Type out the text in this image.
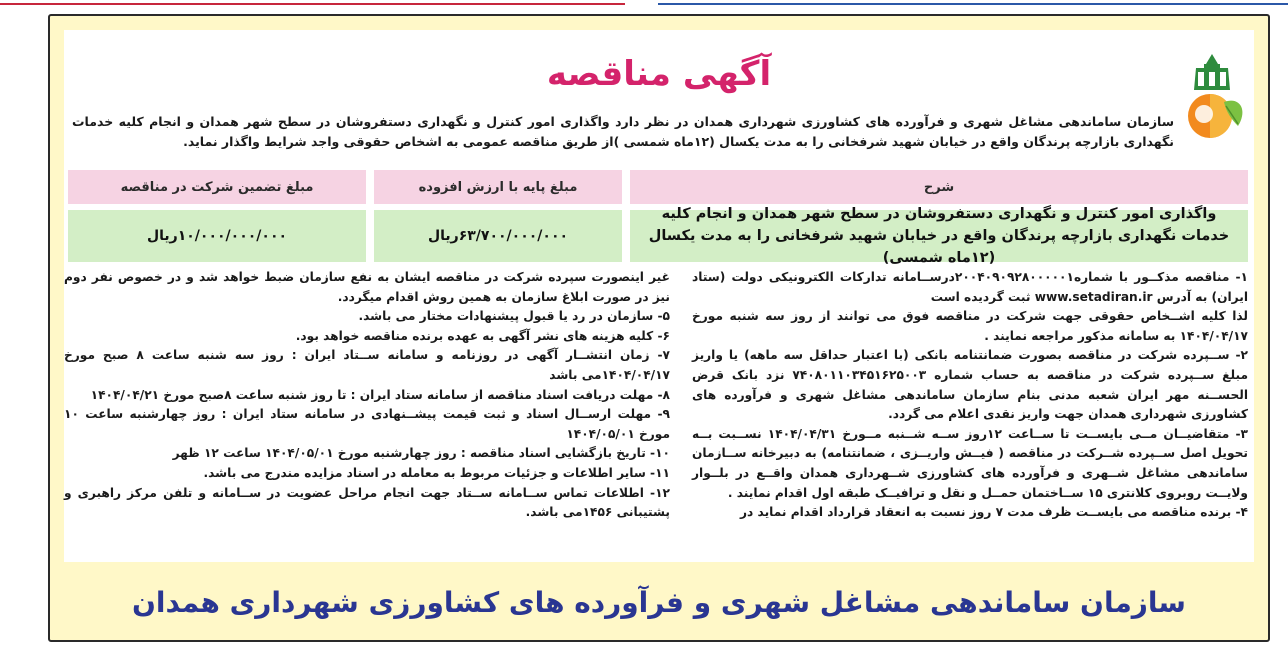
آگهی مناقصه

سازمان ساماندهی مشاغل شهری و فرآورده های کشاورزی شهرداری همدان در نظر دارد واگذاری امور کنترل و نگهداری دستفروشان در سطح شهر همدان و انجام کلیه خدمات نگهداری بازارچه پرندگان واقع در خیابان شهید شرفخانی را به مدت یکسال (۱۲ماه شمسی )از طریق مناقصه عمومی به اشخاص حقوقی واجد شرایط واگذار نماید.

شرح
مبلغ پایه با ارزش افزوده
مبلغ تضمین شرکت در مناقصه
واگذاری امور کنترل و نگهداری دستفروشان در سطح شهر همدان و انجام کلیه خدمات نگهداری بازارچه پرندگان واقع در خیابان شهید شرفخانی را به مدت یکسال (۱۲ماه شمسی)
۶۳/۷۰۰/۰۰۰/۰۰۰ریال
۱۰/۰۰۰/۰۰۰/۰۰۰ریال

۱- مناقصه مذکــور با شماره۲۰۰۴۰۹۰۹۲۸۰۰۰۰۰۱درســامانه تدارکات الکترونیکی دولت (ستاد ایران) به آدرس www.setadiran.ir ثبت گردیده است

لذا کلیه اشــخاص حقوقی جهت شرکت در مناقصه فوق می توانند از روز سه شنبه مورخ ۱۴۰۴/۰۴/۱۷ به سامانه مذکور مراجعه نمایند .

۲- ســپرده شرکت در مناقصه بصورت ضمانتنامه بانکی (با اعتبار حداقل سه ماهه) یا واریز مبلغ ســپرده شرکت در مناقصه به حساب شماره ۷۴۰۸۰۱۱۰۳۴۵۱۶۲۵۰۰۳ نزد بانک قرض الحســنه مهر ایران شعبه مدنی بنام سازمان ساماندهی مشاغل شهری و فرآورده های کشاورزی شهرداری همدان جهت واریز نقدی اعلام می گردد.

۳- متقاضیــان مــی بایســت تا ســاعت ۱۲روز ســه شــنبه مــورخ ۱۴۰۴/۰۴/۳۱ نســبت بــه تحویل اصل ســپرده شــرکت در مناقصه ( فیــش واریــزی ، ضمانتنامه) به دبیرخانه ســازمان ساماندهی مشاغل شــهری و فرآورده های کشاورزی شــهرداری همدان واقــع در بلــوار ولایــت روبروی کلانتری ۱۵ ســاختمان حمــل و نقل و ترافیــک طبقه اول اقدام نمایند .

۴- برنده مناقصه می بایســت ظرف مدت ۷ روز نسبت به انعقاد قرارداد اقدام نماید در

غیر اینصورت سپرده شرکت در مناقصه ایشان به نفع سازمان ضبط خواهد شد و در خصوص نفر دوم نیز در صورت ابلاغ سازمان به همین روش اقدام میگردد.

۵- سازمان در رد یا قبول پیشنهادات مختار می باشد.

۶- کلیه هزینه های نشر آگهی به عهده برنده مناقصه خواهد بود.

۷- زمان انتشــار آگهی در روزنامه و سامانه ســتاد ایران : روز سه شنبه ساعت ۸ صبح مورخ ۱۴۰۴/۰۴/۱۷می باشد

۸- مهلت دریافت اسناد مناقصه از سامانه ستاد ایران : تا روز شنبه ساعت ۸صبح مورخ ۱۴۰۴/۰۴/۲۱

۹- مهلت ارســال اسناد و ثبت قیمت پیشــنهادی در سامانه ستاد ایران : روز چهارشنبه ساعت ۱۰ مورخ ۱۴۰۴/۰۵/۰۱

۱۰- تاریخ بازگشایی اسناد مناقصه : روز چهارشنبه مورخ ۱۴۰۴/۰۵/۰۱ ساعت ۱۲ ظهر

۱۱- سایر اطلاعات و جزئیات مربوط به معامله در اسناد مزایده مندرج می باشد.

۱۲- اطلاعات تماس ســامانه ســتاد جهت انجام مراحل عضویت در ســامانه و تلفن مرکز راهبری و پشتیبانی ۱۴۵۶می باشد.

سازمان ساماندهی مشاغل شهری و فرآورده های کشاورزی شهرداری همدان
